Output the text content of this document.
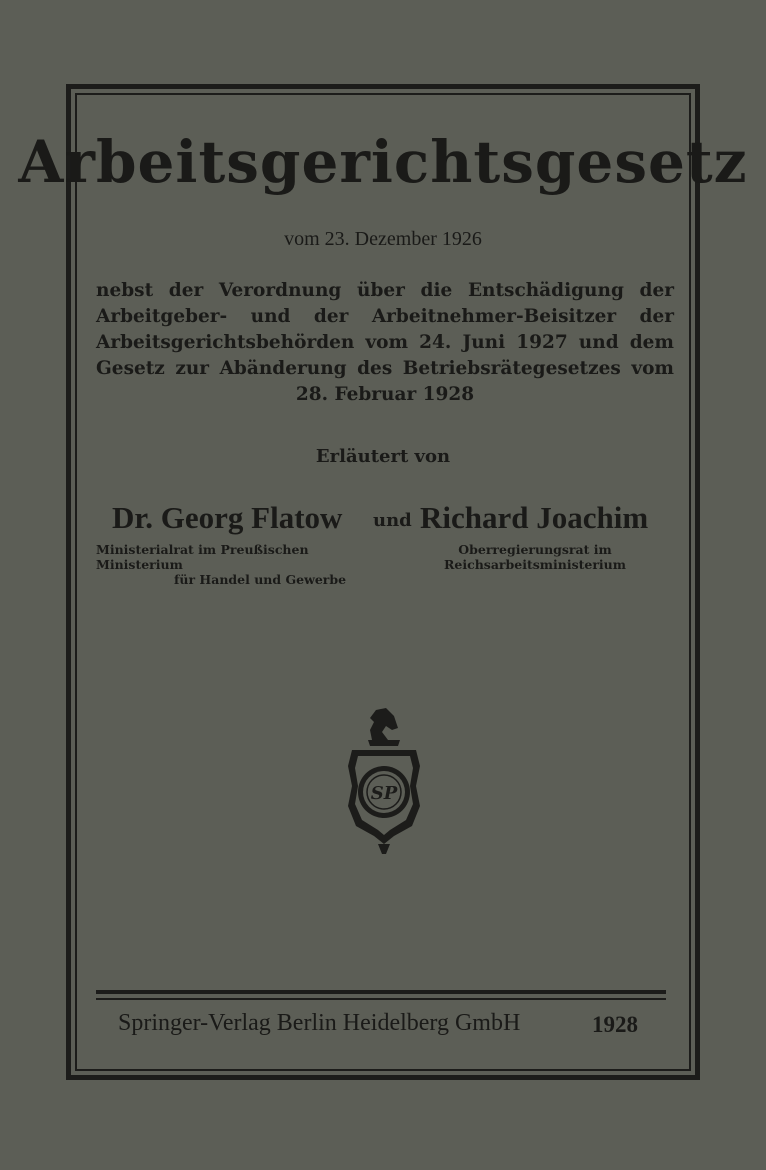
Arbeitsgerichtsgesetz
vom 23. Dezember 1926
nebst der Verordnung über die Entschädigung der Arbeitgeber- und der Arbeitnehmer-Beisitzer der Arbeitsgerichtsbehörden vom 24. Juni 1927 und dem Gesetz zur Abänderung des Betriebsrätegesetzes vom 28. Februar 1928
Erläutert von
Dr. Georg Flatow und Richard Joachim
Ministerialrat im Preußischen Ministerium
für Handel und Gewerbe
Oberregierungsrat im
Reichsarbeitsministerium
SP
Springer-Verlag Berlin Heidelberg GmbH	1928
